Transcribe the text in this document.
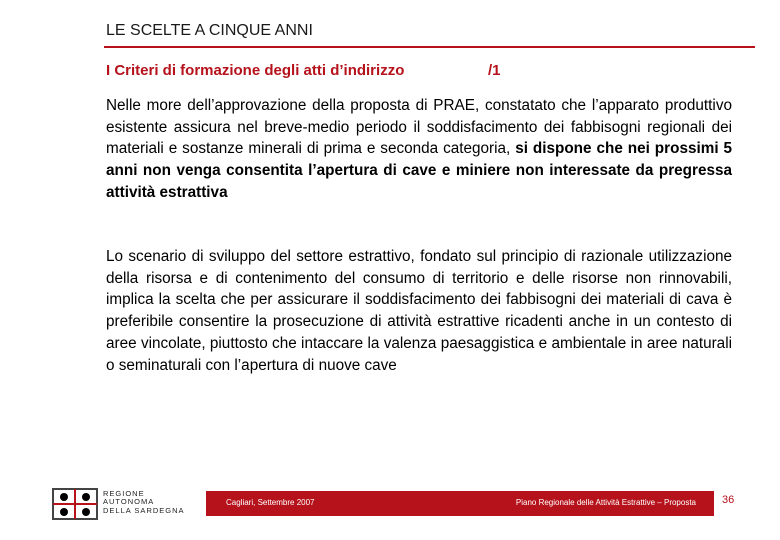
LE SCELTE A CINQUE ANNI
I Criteri di formazione degli atti d’indirizzo	/1
Nelle more dell’approvazione della proposta di PRAE, constatato che l’apparato produttivo esistente assicura nel breve-medio periodo il soddisfacimento dei fabbisogni regionali dei materiali e sostanze minerali di prima e seconda categoria, si dispone che nei prossimi 5 anni non venga consentita l’apertura di cave e miniere non interessate da pregressa attività estrattiva
Lo scenario di sviluppo del settore estrattivo, fondato sul principio di razionale utilizzazione della risorsa e di contenimento del consumo di territorio e delle risorse non rinnovabili, implica la scelta che per assicurare il soddisfacimento dei fabbisogni dei materiali di cava è preferibile consentire la prosecuzione di attività estrattive ricadenti anche in un contesto di aree vincolate, piuttosto che intaccare la valenza paesaggistica e ambientale in aree naturali o seminaturali con l’apertura di nuove cave
REGIONE
AUTONOMA
DELLA SARDEGNA
Cagliari, Settembre 2007	Piano Regionale delle Attività Estrattive – Proposta 36
